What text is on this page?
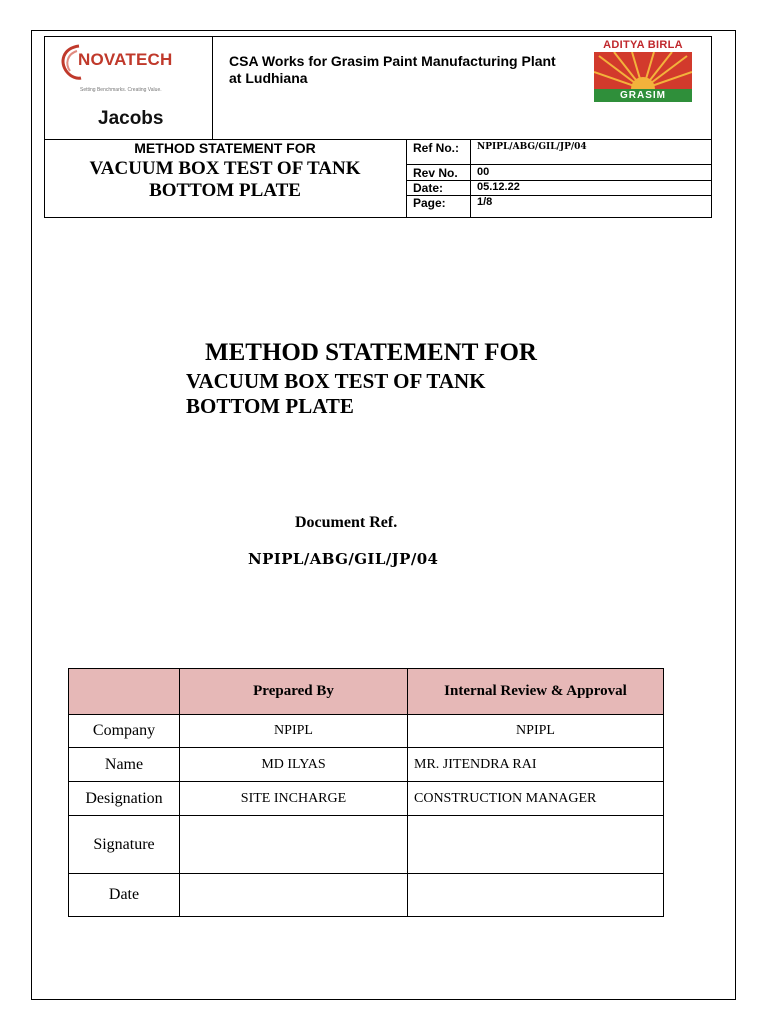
NOVATECH
Setting Benchmarks. Creating Value.
Jacobs
CSA Works for Grasim Paint Manufacturing Plant at Ludhiana
ADITYA BIRLA
GRASIM
METHOD STATEMENT FOR
VACUUM BOX TEST OF TANK BOTTOM PLATE
Ref No.: NPIPL/ABG/GIL/JP/04
Rev No. 00
Date:	05.12.22
Page:	1/8
METHOD STATEMENT FOR
VACUUM BOX TEST OF TANK
BOTTOM PLATE
Document Ref.
NPIPL/ABG/GIL/JP/04
	Prepared By	Internal Review & Approval
Company	NPIPL	NPIPL
Name	MD ILYAS	MR. JITENDRA RAI
Designation	SITE INCHARGE	CONSTRUCTION MANAGER
Signature		
Date		
